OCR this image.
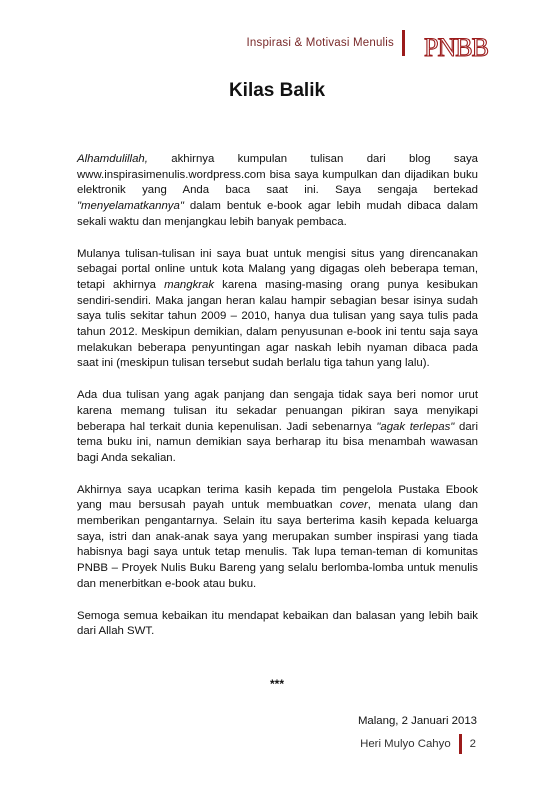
Inspirasi & Motivasi Menulis PNBB
Kilas Balik

Alhamdulillah, akhirnya kumpulan tulisan dari blog saya www.inspirasimenulis.wordpress.com bisa saya kumpulkan dan dijadikan buku elektronik yang Anda baca saat ini. Saya sengaja bertekad "menyelamatkannya" dalam bentuk e-book agar lebih mudah dibaca dalam sekali waktu dan menjangkau lebih banyak pembaca.

Mulanya tulisan-tulisan ini saya buat untuk mengisi situs yang direncanakan sebagai portal online untuk kota Malang yang digagas oleh beberapa teman, tetapi akhirnya mangkrak karena masing-masing orang punya kesibukan sendiri-sendiri. Maka jangan heran kalau hampir sebagian besar isinya sudah saya tulis sekitar tahun 2009 – 2010, hanya dua tulisan yang saya tulis pada tahun 2012. Meskipun demikian, dalam penyusunan e-book ini tentu saja saya melakukan beberapa penyuntingan agar naskah lebih nyaman dibaca pada saat ini (meskipun tulisan tersebut sudah berlalu tiga tahun yang lalu).

Ada dua tulisan yang agak panjang dan sengaja tidak saya beri nomor urut karena memang tulisan itu sekadar penuangan pikiran saya menyikapi beberapa hal terkait dunia kepenulisan. Jadi sebenarnya "agak terlepas" dari tema buku ini, namun demikian saya berharap itu bisa menambah wawasan bagi Anda sekalian.

Akhirnya saya ucapkan terima kasih kepada tim pengelola Pustaka Ebook yang mau bersusah payah untuk membuatkan cover, menata ulang dan memberikan pengantarnya. Selain itu saya berterima kasih kepada keluarga saya, istri dan anak-anak saya yang merupakan sumber inspirasi yang tiada habisnya bagi saya untuk tetap menulis. Tak lupa teman-teman di komunitas PNBB – Proyek Nulis Buku Bareng yang selalu berlomba-lomba untuk menulis dan menerbitkan e-book atau buku.

Semoga semua kebaikan itu mendapat kebaikan dan balasan yang lebih baik dari Allah SWT.

***
Malang, 2 Januari 2013
Heri Mulyo Cahyo 2
